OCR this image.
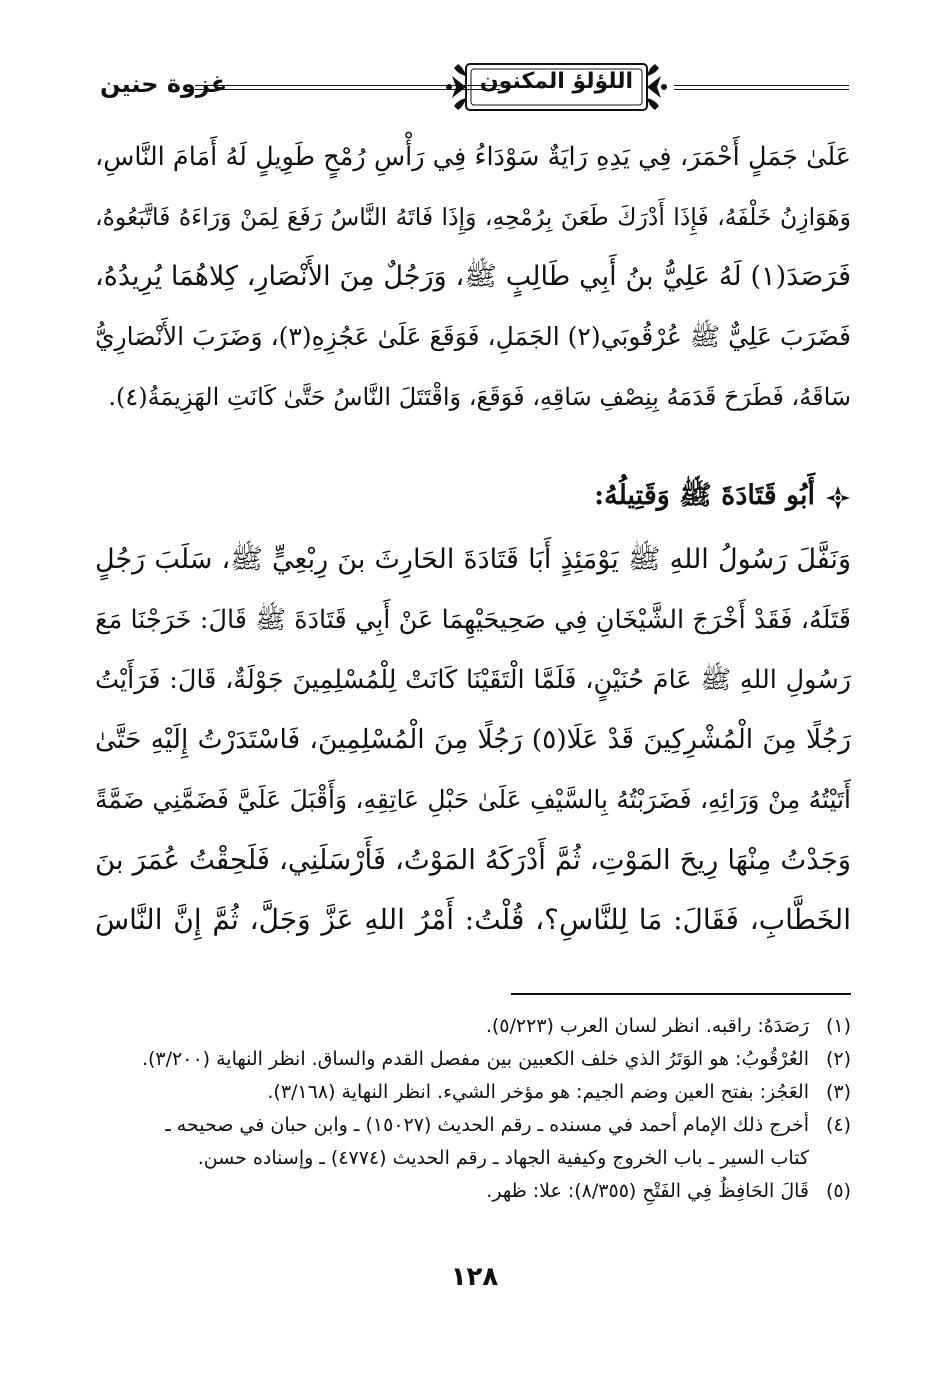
اللؤلؤ المكنون
غزوة حنين
عَلَىٰ جَمَلٍ أَحْمَرَ، فِي يَدِهِ رَايَةٌ سَوْدَاءُ فِي رَأْسِ رُمْحٍ طَوِيلٍ لَهُ أَمَامَ النَّاسِ،
وَهَوَازِنُ خَلْفَهُ، فَإِذَا أَدْرَكَ طَعَنَ بِرُمْحِهِ، وَإِذَا فَاتَهُ النَّاسُ رَفَعَ لِمَنْ وَرَاءَهُ فَاتَّبَعُوهُ،
فَرَصَدَ(١) لَهُ عَلِيُّ بنُ أَبِي طَالِبٍ ﷺ، وَرَجُلٌ مِنَ الأَنْصَارِ، كِلاهُمَا يُرِيدُهُ،
فَضَرَبَ عَلِيٌّ ﷺ عُرْقُوبَي(٢) الجَمَلِ، فَوَقَعَ عَلَىٰ عَجُزِهِ(٣)، وَضَرَبَ الأَنْصَارِيُّ
سَاقَهُ، فَطَرَحَ قَدَمَهُ بِنِصْفِ سَاقِهِ، فَوَقَعَ، وَاقْتَتَلَ النَّاسُ حَتَّىٰ كَانَتِ الهَزِيمَةُ(٤).
أَبُو قَتَادَةَ ﷺ وَقَتِيلُهُ:
وَنَفَّلَ رَسُولُ اللهِ ﷺ يَوْمَئِذٍ أَبَا قَتَادَةَ الحَارِثَ بنَ رِبْعِيٍّ ﷺ، سَلَبَ رَجُلٍ
قَتَلَهُ، فَقَدْ أَخْرَجَ الشَّيْخَانِ فِي صَحِيحَيْهِمَا عَنْ أَبِي قَتَادَةَ ﷺ قَالَ: خَرَجْنَا مَعَ
رَسُولِ اللهِ ﷺ عَامَ حُنَيْنٍ، فَلَمَّا الْتَقَيْنَا كَانَتْ لِلْمُسْلِمِينَ جَوْلَةٌ، قَالَ: فَرَأَيْتُ
رَجُلًا مِنَ الْمُشْرِكِينَ قَدْ عَلَا(٥) رَجُلًا مِنَ الْمُسْلِمِينَ، فَاسْتَدَرْتُ إِلَيْهِ حَتَّىٰ
أَتَيْتُهُ مِنْ وَرَائِهِ، فَضَرَبْتُهُ بِالسَّيْفِ عَلَىٰ حَبْلِ عَاتِقِهِ، وَأَقْبَلَ عَلَيَّ فَضَمَّنِي ضَمَّةً
وَجَدْتُ مِنْهَا رِيحَ المَوْتِ، ثُمَّ أَدْرَكَهُ المَوْتُ، فَأَرْسَلَنِي، فَلَحِقْتُ عُمَرَ بنَ
الخَطَّابِ، فَقَالَ: مَا لِلنَّاسِ؟، قُلْتُ: أَمْرُ اللهِ عَزَّ وَجَلَّ، ثُمَّ إِنَّ النَّاسَ
(١)
رَصَدَهُ: راقبه. انظر لسان العرب (٥/٢٢٣).
(٢)
العُرْقُوبُ: هو الوَتَرُ الذي خلف الكعبين بين مفصل القدم والساق. انظر النهاية (٣/٢٠٠).
(٣)
العَجُز: بفتح العين وضم الجيم: هو مؤخر الشيء. انظر النهاية (٣/١٦٨).
(٤)
أخرج ذلك الإمام أحمد في مسنده ـ رقم الحديث (١٥٠٢٧) ـ وابن حبان في صحيحه ـ
كتاب السير ـ باب الخروج وكيفية الجهاد ـ رقم الحديث (٤٧٧٤) ـ وإسناده حسن.
(٥)
قَالَ الحَافِظُ فِي الفَتْحِ (٨/٣٥٥): علا: ظهر.
١٢٨
